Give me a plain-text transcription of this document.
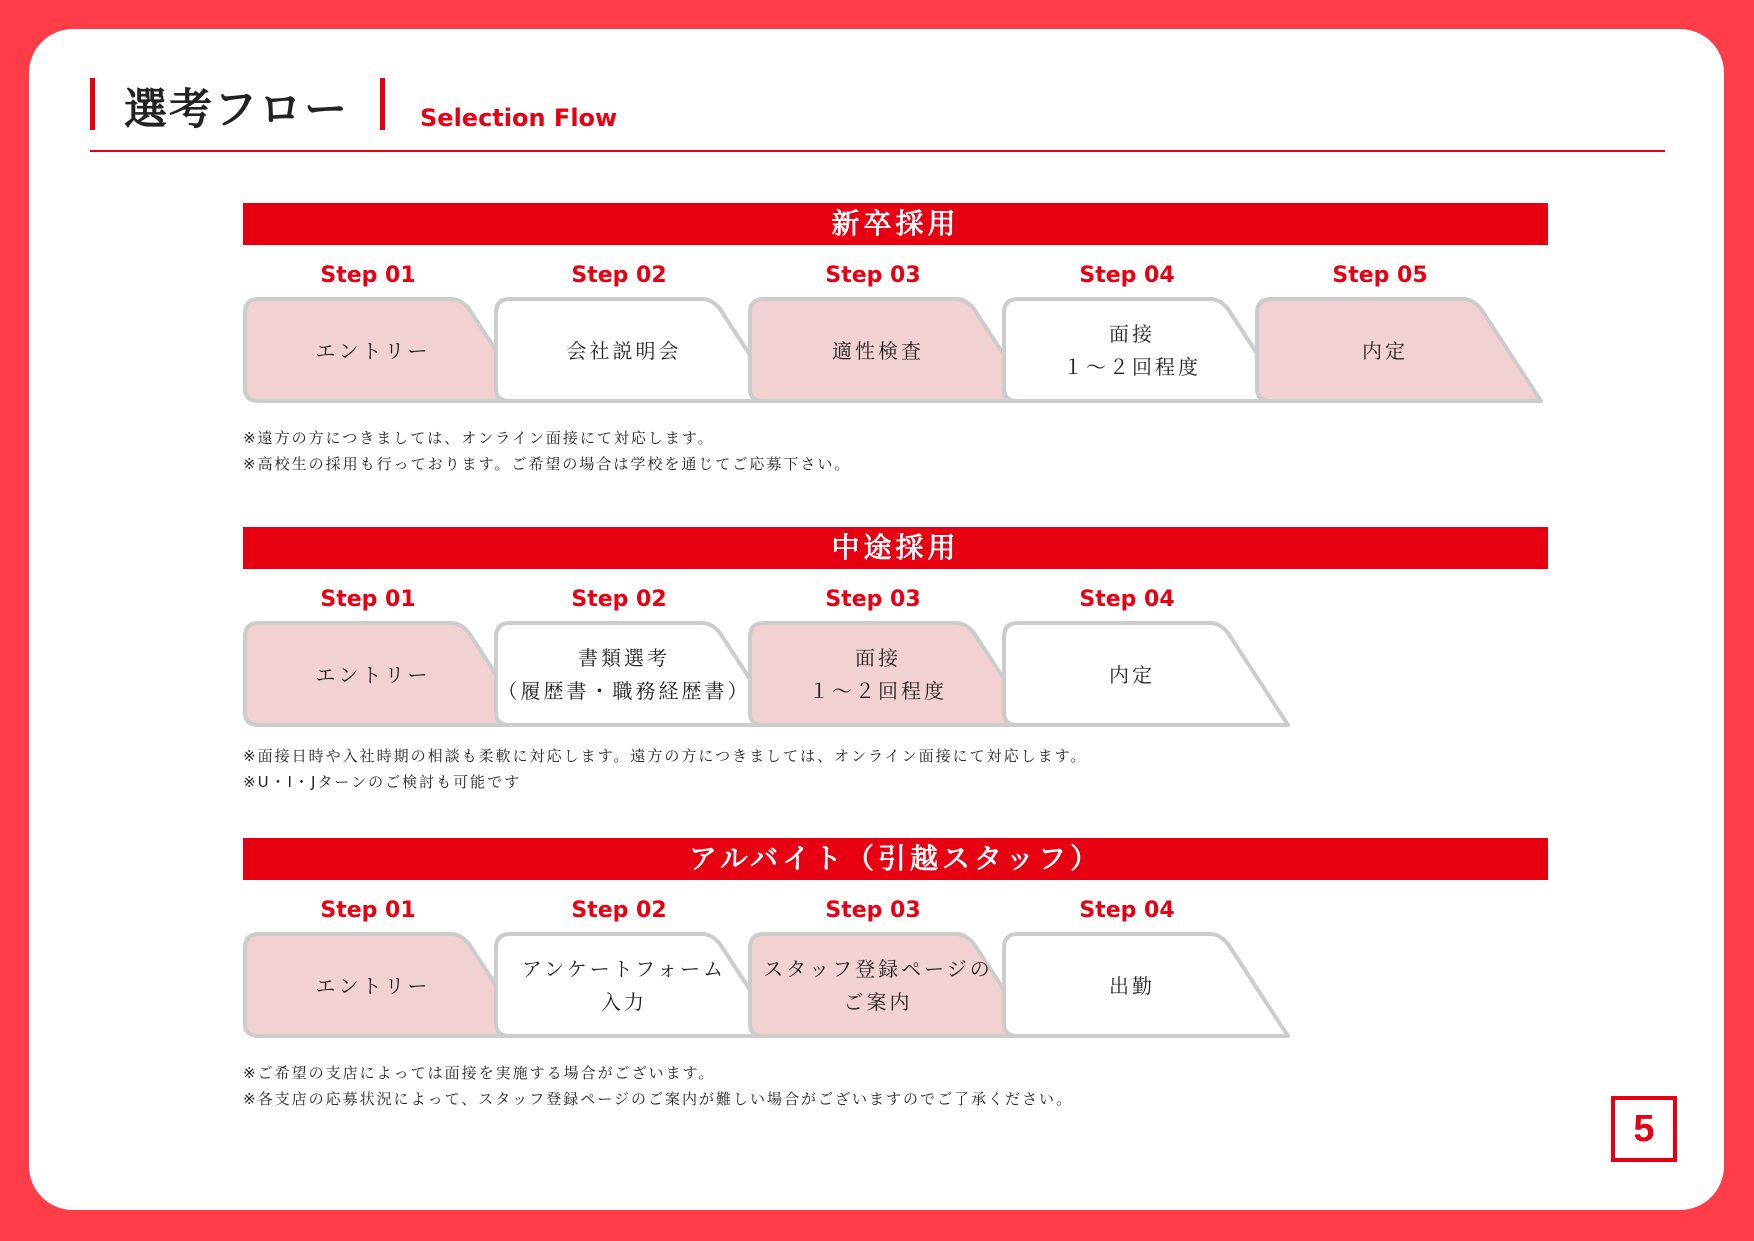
選考フロー	Selection Flow
新卒採用
Step 01
エントリー
Step 02
会社説明会
Step 03
適性検査
Step 04
面接
１～２回程度
Step 05
内定
※遠方の方につきましては、オンライン面接にて対応します。
※高校生の採用も行っております。ご希望の場合は学校を通じてご応募下さい。
中途採用
Step 01
エントリー
Step 02
書類選考
（履歴書・職務経歴書）
Step 03
面接
１～２回程度
Step 04
内定
※面接日時や入社時期の相談も柔軟に対応します。遠方の方につきましては、オンライン面接にて対応します。
※U・I・Jターンのご検討も可能です
アルバイト（引越スタッフ）
Step 01
エントリー
Step 02
アンケートフォーム
入力
Step 03
スタッフ登録ページの
ご案内
Step 04
出勤
※ご希望の支店によっては面接を実施する場合がございます。
※各支店の応募状況によって、スタッフ登録ページのご案内が難しい場合がございますのでご了承ください。
5
